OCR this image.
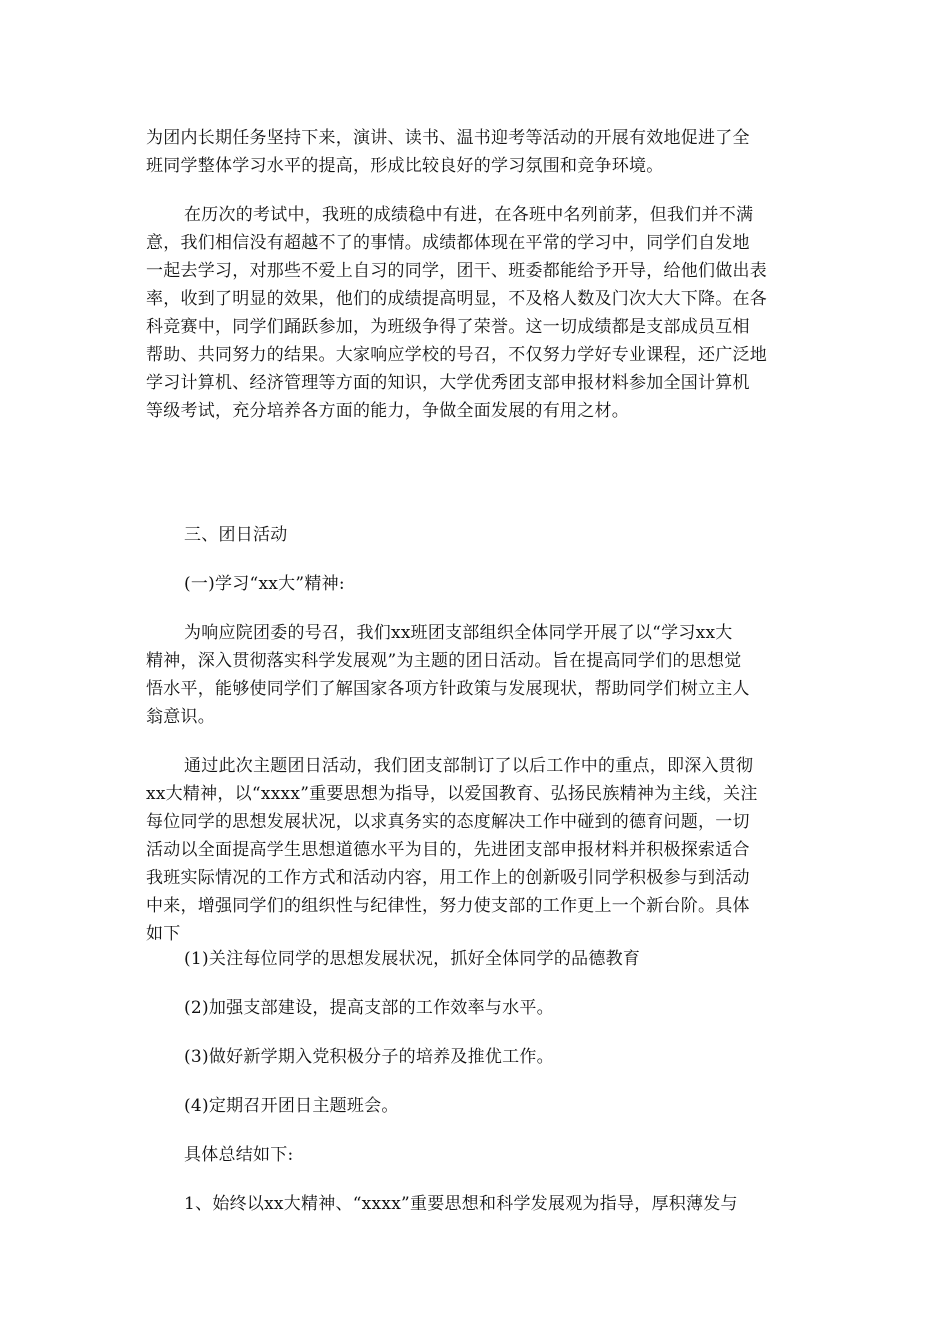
为团内长期任务坚持下来，演讲、读书、温书迎考等活动的开展有效地促进了全
班同学整体学习水平的提高，形成比较良好的学习氛围和竞争环境。
在历次的考试中，我班的成绩稳中有进，在各班中名列前茅，但我们并不满
意，我们相信没有超越不了的事情。成绩都体现在平常的学习中，同学们自发地
一起去学习，对那些不爱上自习的同学，团干、班委都能给予开导，给他们做出表
率，收到了明显的效果，他们的成绩提高明显，不及格人数及门次大大下降。在各
科竞赛中，同学们踊跃参加，为班级争得了荣誉。这一切成绩都是支部成员互相
帮助、共同努力的结果。大家响应学校的号召，不仅努力学好专业课程，还广泛地
学习计算机、经济管理等方面的知识，大学优秀团支部申报材料参加全国计算机
等级考试，充分培养各方面的能力，争做全面发展的有用之材。
三、团日活动
(一)学习“xx大”精神:
为响应院团委的号召，我们xx班团支部组织全体同学开展了以“学习xx大
精神，深入贯彻落实科学发展观”为主题的团日活动。旨在提高同学们的思想觉
悟水平，能够使同学们了解国家各项方针政策与发展现状，帮助同学们树立主人
翁意识。
通过此次主题团日活动，我们团支部制订了以后工作中的重点，即深入贯彻
xx大精神，以“xxxx”重要思想为指导，以爱国教育、弘扬民族精神为主线，关注
每位同学的思想发展状况，以求真务实的态度解决工作中碰到的德育问题，一切
活动以全面提高学生思想道德水平为目的，先进团支部申报材料并积极探索适合
我班实际情况的工作方式和活动内容，用工作上的创新吸引同学积极参与到活动
中来，增强同学们的组织性与纪律性，努力使支部的工作更上一个新台阶。具体
如下
(1)关注每位同学的思想发展状况，抓好全体同学的品德教育
(2)加强支部建设，提高支部的工作效率与水平。
(3)做好新学期入党积极分子的培养及推优工作。
(4)定期召开团日主题班会。
具体总结如下:
1、始终以xx大精神、“xxxx”重要思想和科学发展观为指导，厚积薄发与
